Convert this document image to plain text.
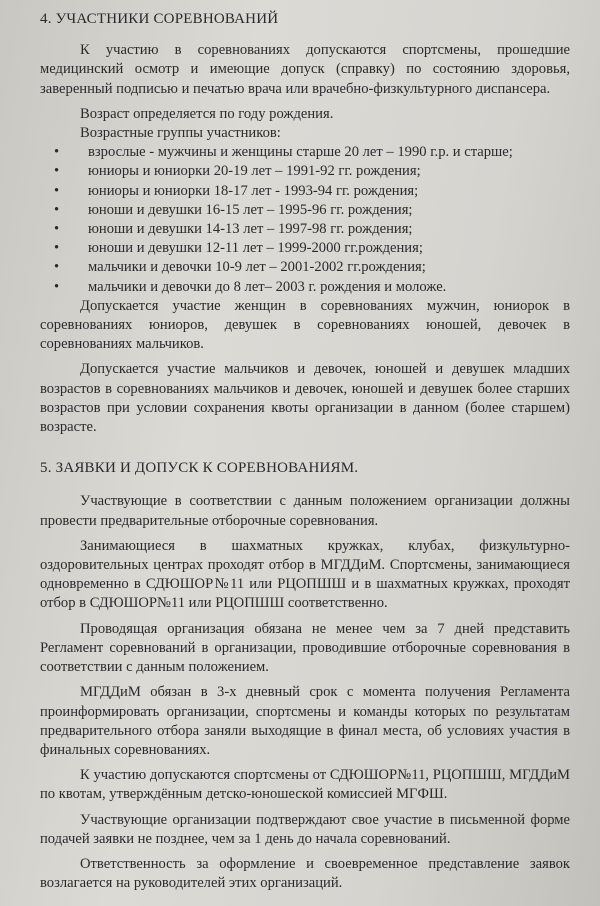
4. УЧАСТНИКИ СОРЕВНОВАНИЙ

К участию в соревнованиях допускаются спортсмены, прошедшие медицинский осмотр и имеющие допуск (справку) по состоянию здоровья, заверенный подписью и печатью врача или врачебно-физкультурного диспансера.

Возраст определяется по году рождения.

Возрастные группы участников:

• взрослые - мужчины и женщины старше 20 лет – 1990 г.р. и старше;
• юниоры и юниорки 20-19 лет – 1991-92 гг. рождения;
• юниоры и юниорки 18-17 лет - 1993-94 гг. рождения;
• юноши и девушки 16-15 лет – 1995-96 гг. рождения;
• юноши и девушки 14-13 лет – 1997-98 гг. рождения;
• юноши и девушки 12-11 лет – 1999-2000 гг.рождения;
• мальчики и девочки 10-9 лет – 2001-2002 гг.рождения;
• мальчики и девочки до 8 лет– 2003 г. рождения и моложе.

Допускается участие женщин в соревнованиях мужчин, юниорок в соревнованиях юниоров, девушек в соревнованиях юношей, девочек в соревнованиях мальчиков.

Допускается участие мальчиков и девочек, юношей и девушек младших возрастов в соревнованиях мальчиков и девочек, юношей и девушек более старших возрастов при условии сохранения квоты организации в данном (более старшем) возрасте.

5. ЗАЯВКИ И ДОПУСК К СОРЕВНОВАНИЯМ.

Участвующие в соответствии с данным положением организации должны провести предварительные отборочные соревнования.

Занимающиеся в шахматных кружках, клубах, физкультурно-оздоровительных центрах проходят отбор в МГДДиМ. Спортсмены, занимающиеся одновременно в СДЮШОР№11 или РЦОПШШ и в шахматных кружках, проходят отбор в СДЮШОР№11 или РЦОПШШ соответственно.

Проводящая организация обязана не менее чем за 7 дней представить Регламент соревнований в организации, проводившие отборочные соревнования в соответствии с данным положением.

МГДДиМ обязан в 3-х дневный срок с момента получения Регламента проинформировать организации, спортсмены и команды которых по результатам предварительного отбора заняли выходящие в финал места, об условиях участия в финальных соревнованиях.

К участию допускаются спортсмены от СДЮШОР№11, РЦОПШШ, МГДДиМ по квотам, утверждённым детско-юношеской комиссией МГФШ.

Участвующие организации подтверждают свое участие в письменной форме подачей заявки не позднее, чем за 1 день до начала соревнований.

Ответственность за оформление и своевременное представление заявок возлагается на руководителей этих организаций.
